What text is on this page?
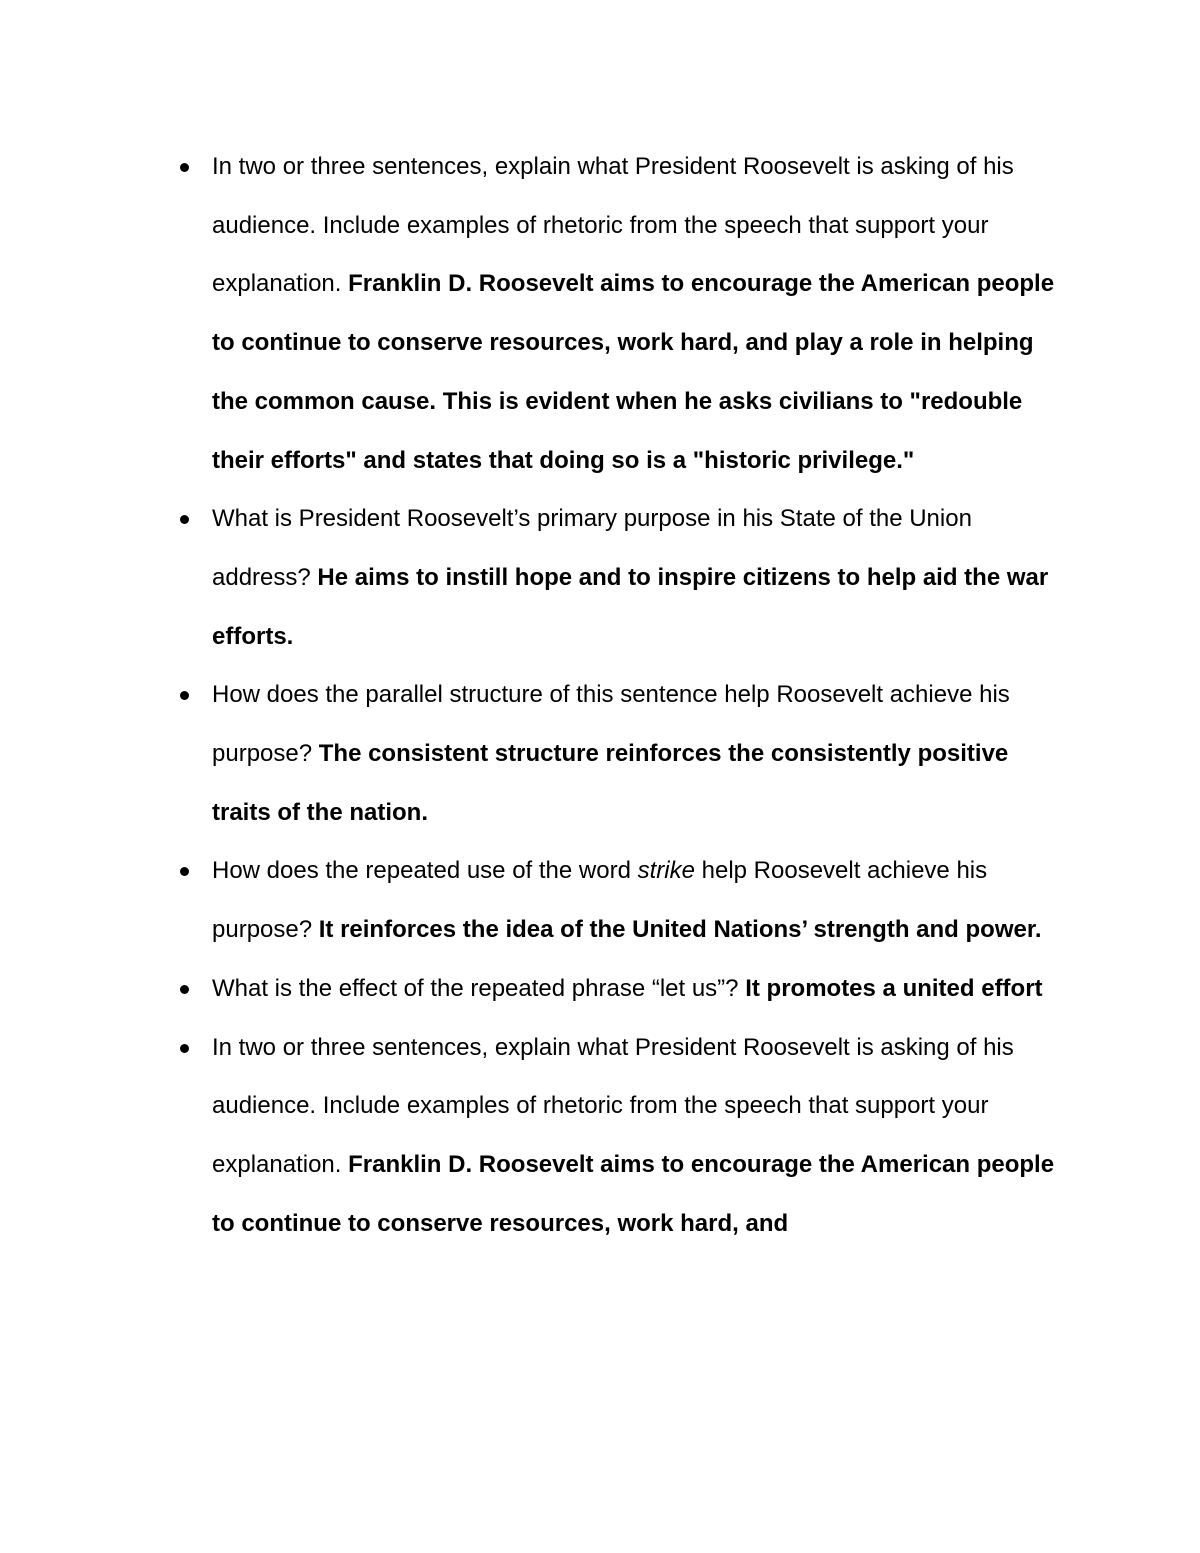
In two or three sentences, explain what President Roosevelt is asking of his audience. Include examples of rhetoric from the speech that support your explanation. Franklin D. Roosevelt aims to encourage the American people to continue to conserve resources, work hard, and play a role in helping the common cause. This is evident when he asks civilians to "redouble their efforts" and states that doing so is a "historic privilege."
What is President Roosevelt’s primary purpose in his State of the Union address? He aims to instill hope and to inspire citizens to help aid the war efforts.
How does the parallel structure of this sentence help Roosevelt achieve his purpose? The consistent structure reinforces the consistently positive traits of the nation.
How does the repeated use of the word strike help Roosevelt achieve his purpose? It reinforces the idea of the United Nations’ strength and power.
What is the effect of the repeated phrase “let us”? It promotes a united effort
In two or three sentences, explain what President Roosevelt is asking of his audience. Include examples of rhetoric from the speech that support your explanation. Franklin D. Roosevelt aims to encourage the American people to continue to conserve resources, work hard, and
